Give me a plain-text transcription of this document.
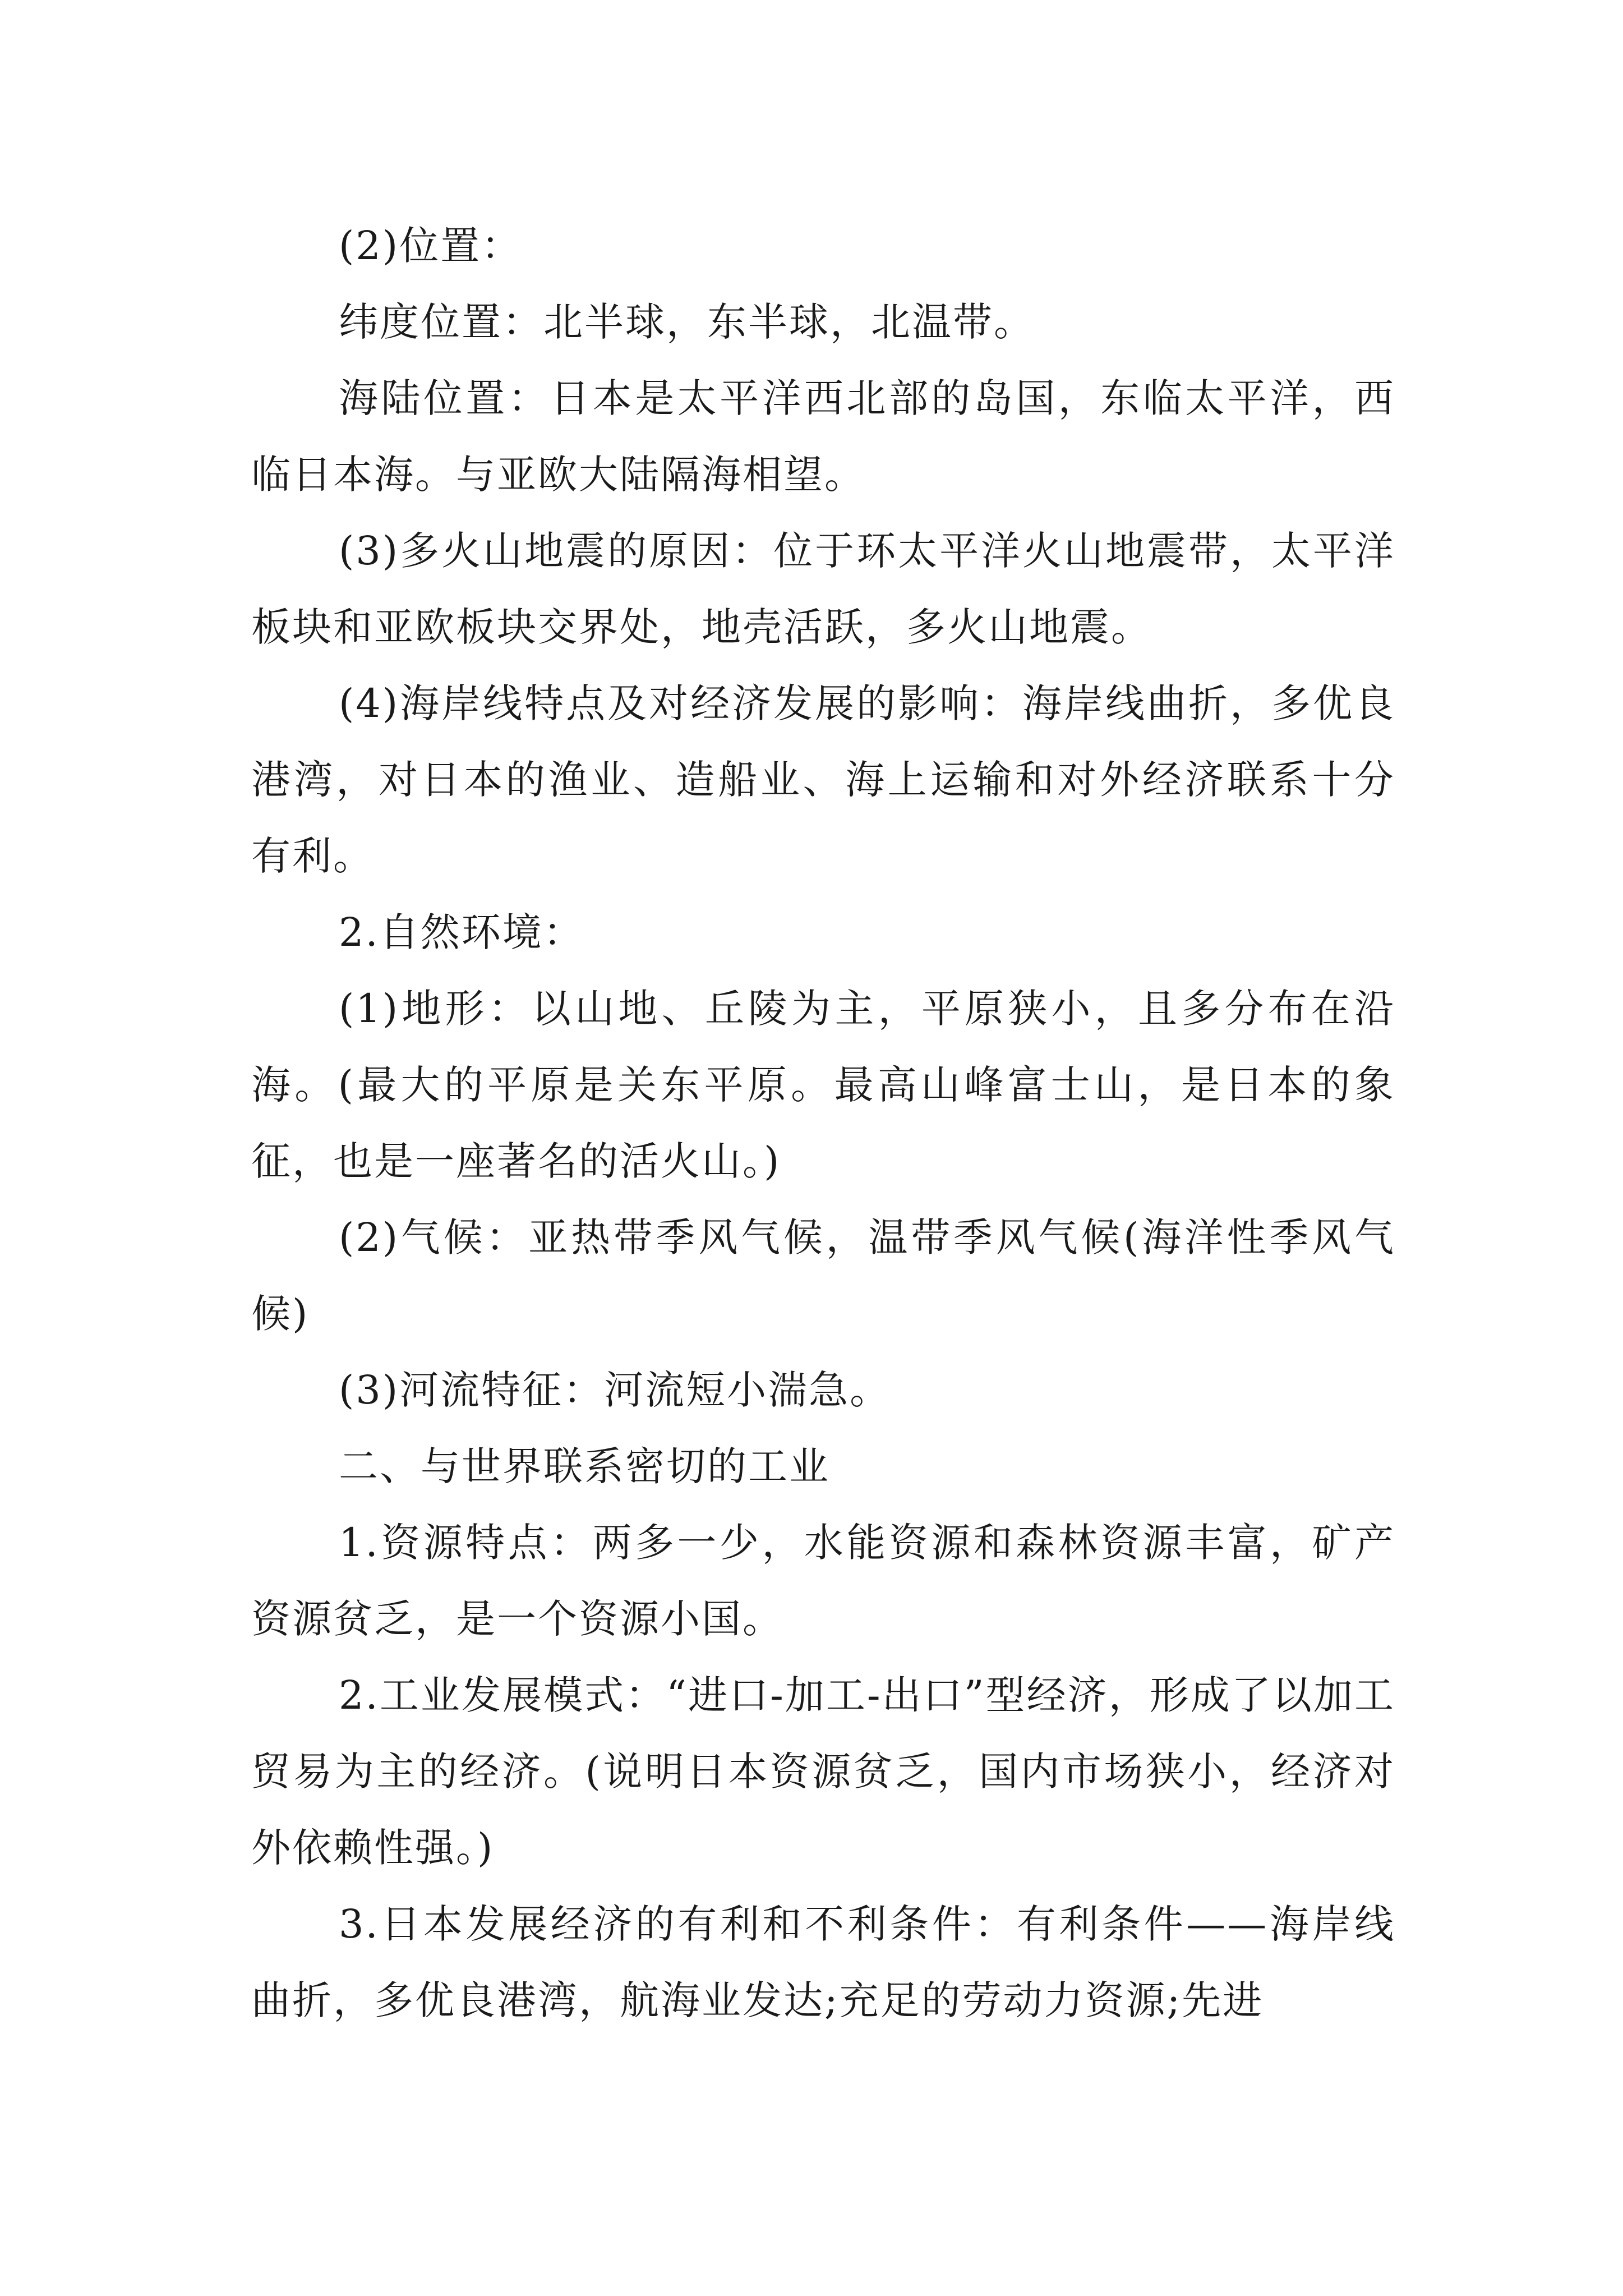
(2)位置：

纬度位置：北半球，东半球，北温带。

海陆位置：日本是太平洋西北部的岛国，东临太平洋，西临日本海。与亚欧大陆隔海相望。

(3)多火山地震的原因：位于环太平洋火山地震带，太平洋板块和亚欧板块交界处，地壳活跃，多火山地震。

(4)海岸线特点及对经济发展的影响：海岸线曲折，多优良港湾，对日本的渔业、造船业、海上运输和对外经济联系十分有利。

2.自然环境：

(1)地形：以山地、丘陵为主，平原狭小，且多分布在沿海。(最大的平原是关东平原。最高山峰富士山，是日本的象征，也是一座著名的活火山。)

(2)气候：亚热带季风气候，温带季风气候(海洋性季风气候)

(3)河流特征：河流短小湍急。

二、与世界联系密切的工业

1.资源特点：两多一少，水能资源和森林资源丰富，矿产资源贫乏，是一个资源小国。

2.工业发展模式：“进口-加工-出口”型经济，形成了以加工贸易为主的经济。(说明日本资源贫乏，国内市场狭小，经济对外依赖性强。)

3.日本发展经济的有利和不利条件：有利条件——海岸线曲折，多优良港湾，航海业发达;充足的劳动力资源;先进
